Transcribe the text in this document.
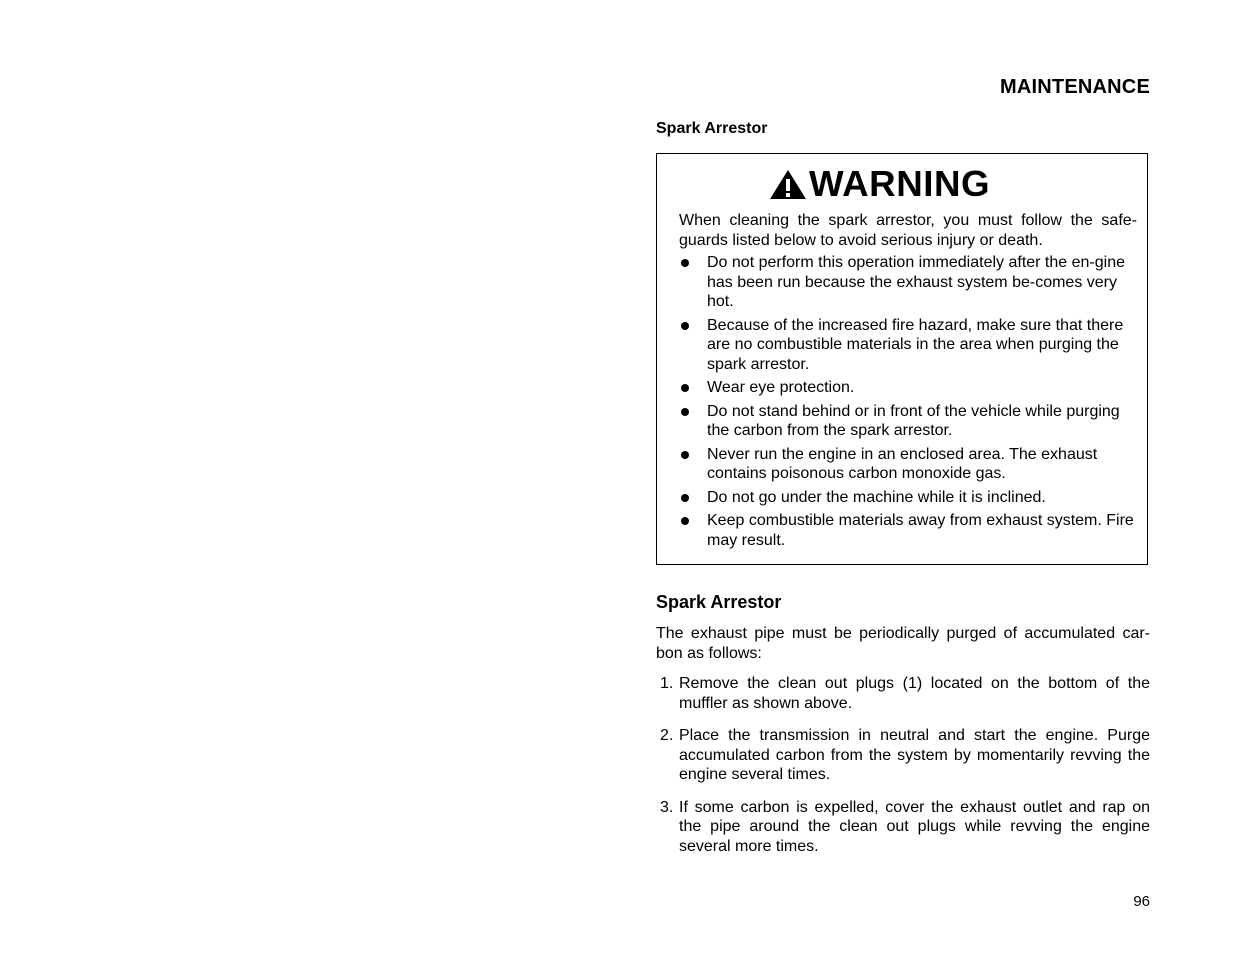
MAINTENANCE
Spark Arrestor
WARNING
When cleaning the spark arrestor, you must follow the safe-guards listed below to avoid serious injury or death.
Do not perform this operation immediately after the en-gine has been run because the exhaust system be-comes very hot.
Because of the increased fire hazard, make sure that there are no combustible materials in the area when purging the spark arrestor.
Wear eye protection.
Do not stand behind or in front of the vehicle while purging the carbon from the spark arrestor.
Never run the engine in an enclosed area. The exhaust contains poisonous carbon monoxide gas.
Do not go under the machine while it is inclined.
Keep combustible materials away from exhaust system. Fire may result.
Spark Arrestor
The exhaust pipe must be periodically purged of accumulated car-bon as follows:
1. Remove the clean out plugs (1) located on the bottom of the muffler as shown above.
2. Place the transmission in neutral and start the engine. Purge accumulated carbon from the system by momentarily revving the engine several times.
3. If some carbon is expelled, cover the exhaust outlet and rap on the pipe around the clean out plugs while revving the engine several more times.
96
